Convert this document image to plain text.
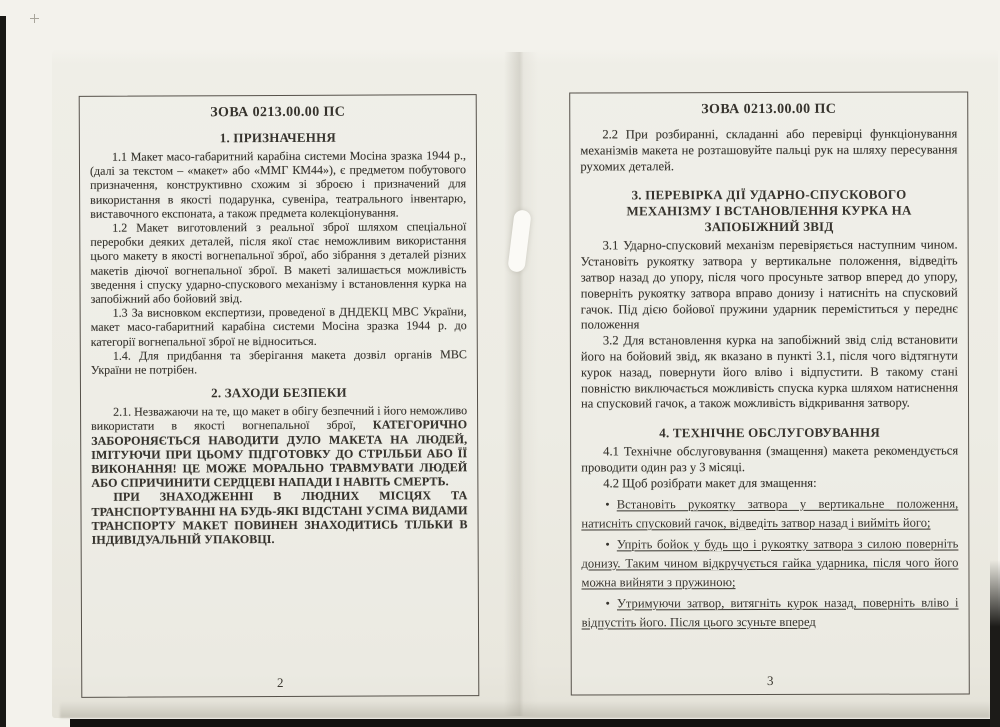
ЗОВА 0213.00.00 ПС
1. ПРИЗНАЧЕННЯ

1.1 Макет масо-габаритний карабіна системи Мосіна зразка 1944 р., (далі за текстом – «макет» або «ММГ КМ44»), є предметом побутового призначення, конструктивно схожим зі зброєю і призначений для використання в якості подарунка, сувеніра, театрального інвентарю, виставочного експоната, а також предмета колекціонування.

1.2 Макет виготовлений з реальної зброї шляхом спеціальної переробки деяких деталей, після якої стає неможливим використання цього макету в якості вогнепальної зброї, або зібрання з деталей різних макетів діючої вогнепальної зброї. В макеті залишається можливість зведення і спуску ударно-спускового механізму і встановлення курка на запобіжний або бойовий звід.

1.3 За висновком експертизи, проведеної в ДНДЕКЦ МВС України, макет масо-габаритний карабіна системи Мосіна зразка 1944 р. до категорії вогнепальної зброї не відноситься.

1.4. Для придбання та зберігання макета дозвіл органів МВС України не потрібен.

2. ЗАХОДИ БЕЗПЕКИ

2.1. Незважаючи на те, що макет в обігу безпечний і його неможливо використати в якості вогнепальної зброї, КАТЕГОРИЧНО ЗАБОРОНЯЄТЬСЯ НАВОДИТИ ДУЛО МАКЕТА НА ЛЮДЕЙ, ІМІТУЮЧИ ПРИ ЦЬОМУ ПІДГОТОВКУ ДО СТРІЛЬБИ АБО ЇЇ ВИКОНАННЯ! ЦЕ МОЖЕ МОРАЛЬНО ТРАВМУВАТИ ЛЮДЕЙ АБО СПРИЧИНИТИ СЕРДЦЕВІ НАПАДИ І НАВІТЬ СМЕРТЬ.

ПРИ ЗНАХОДЖЕННІ В ЛЮДНИХ МІСЦЯХ ТА ТРАНСПОРТУВАННІ НА БУДЬ-ЯКІ ВІДСТАНІ УСІМА ВИДАМИ ТРАНСПОРТУ МАКЕТ ПОВИНЕН ЗНАХОДИТИСЬ ТІЛЬКИ В ІНДИВІДУАЛЬНІЙ УПАКОВЦІ.

2
ЗОВА 0213.00.00 ПС

2.2 При розбиранні, складанні або перевірці функціонування механізмів макета не розташовуйте пальці рук на шляху пересування рухомих деталей.

3. ПЕРЕВІРКА ДІЇ УДАРНО-СПУСКОВОГО МЕХАНІЗМУ І ВСТАНОВЛЕННЯ КУРКА НА ЗАПОБІЖНИЙ ЗВІД

3.1 Ударно-спусковий механізм перевіряється наступним чином. Установіть рукоятку затвора у вертикальне положення, відведіть затвор назад до упору, після чого просуньте затвор вперед до упору, поверніть рукоятку затвора вправо донизу і натисніть на спусковий гачок. Під дією бойової пружини ударник переміститься у переднє положення

3.2 Для встановлення курка на запобіжний звід слід встановити його на бойовий звід, як вказано в пункті 3.1, після чого відтягнути курок назад, повернути його вліво і відпустити. В такому стані повністю виключається можливість спуска курка шляхом натиснення на спусковий гачок, а також можливість відкривання затвору.

4. ТЕХНІЧНЕ ОБСЛУГОВУВАННЯ

4.1 Технічне обслуговування (змащення) макета рекомендується проводити один раз у 3 місяці.

4.2 Щоб розібрати макет для змащення:

• Встановіть рукоятку затвора у вертикальне положення, натисніть спусковий гачок, відведіть затвор назад і вийміть його;
• Упріть бойок у будь що і рукоятку затвора з силою поверніть донизу. Таким чином відкручується гайка ударника, після чого його можна вийняти з пружиною;
• Утримуючи затвор, витягніть курок назад, поверніть вліво і відпустіть його. Після цього зсуньте вперед
3
